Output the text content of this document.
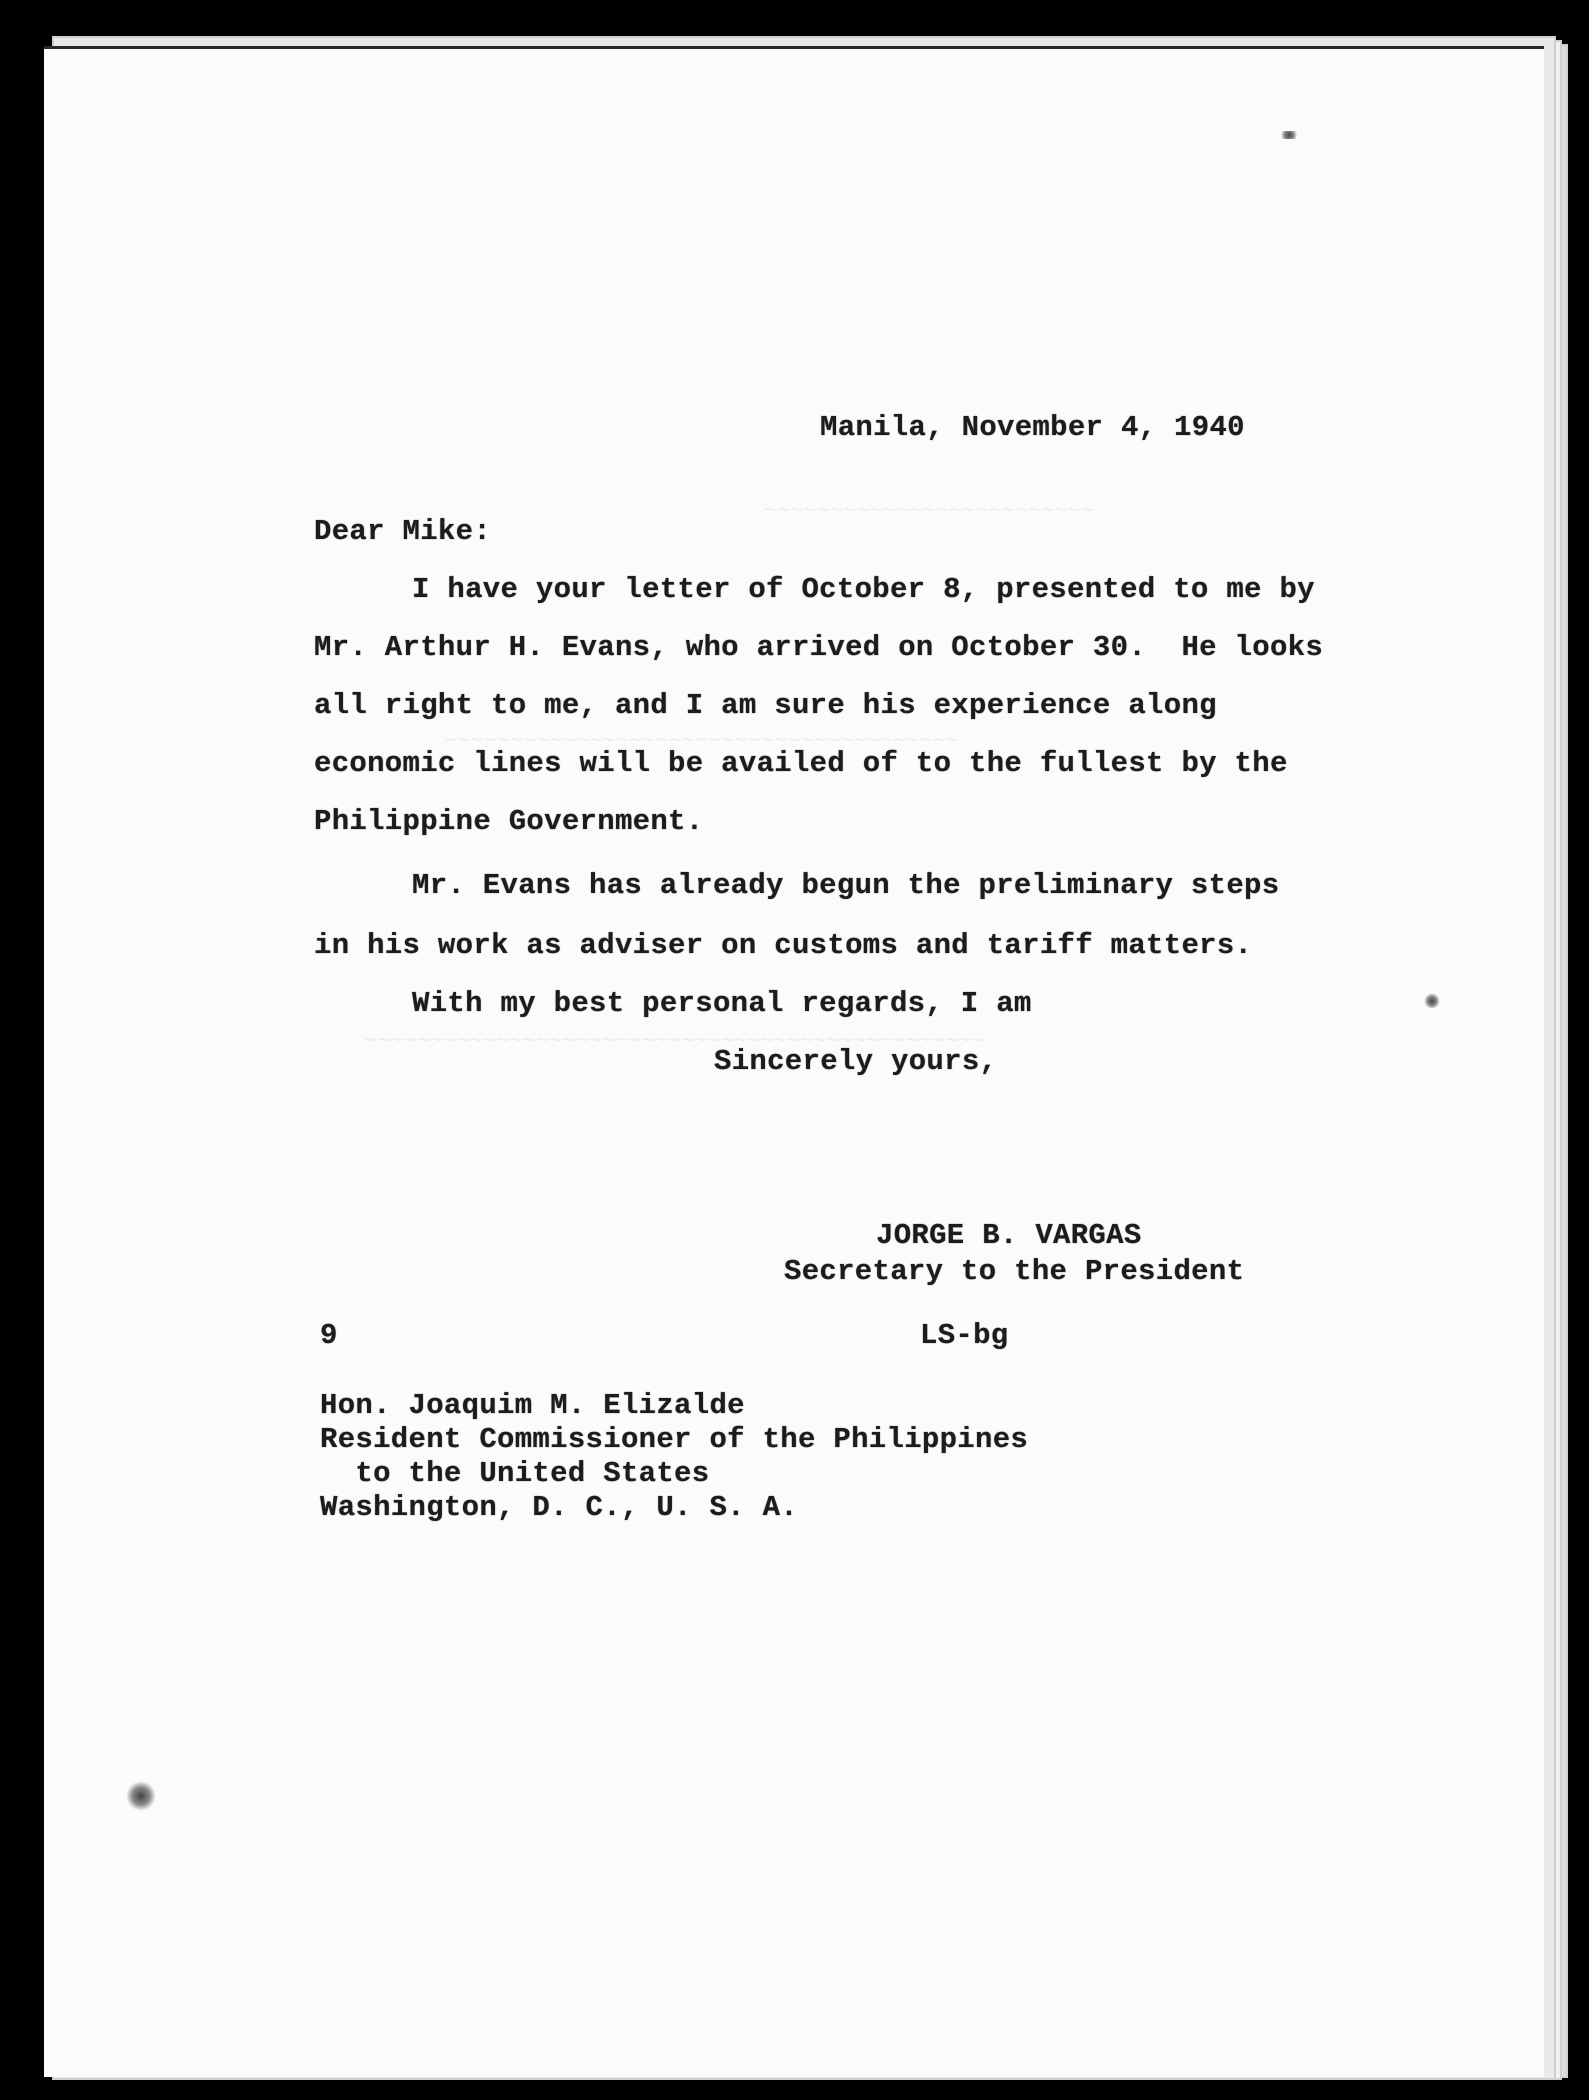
~~~~~~~~~~~~~~~~~~~~~~~~~
~~~~~~~~~~~~~~~~~~~~~~~~~~~~~~~~~~~~~~~
~~~~~~~~~~~~~~~~~~~~~~~~~~~~~~~~~~~~~~~~~~~~~~~
Manila, November 4, 1940
Dear Mike:
I have your letter of October 8, presented to me by
Mr. Arthur H. Evans, who arrived on October 30.  He looks
all right to me, and I am sure his experience along
economic lines will be availed of to the fullest by the
Philippine Government.
Mr. Evans has already begun the preliminary steps
in his work as adviser on customs and tariff matters.
With my best personal regards, I am
Sincerely yours,
JORGE B. VARGAS
Secretary to the President
9	LS-bg
Hon. Joaquim M. Elizalde
Resident Commissioner of the Philippines
to the United States
Washington, D. C., U. S. A.
